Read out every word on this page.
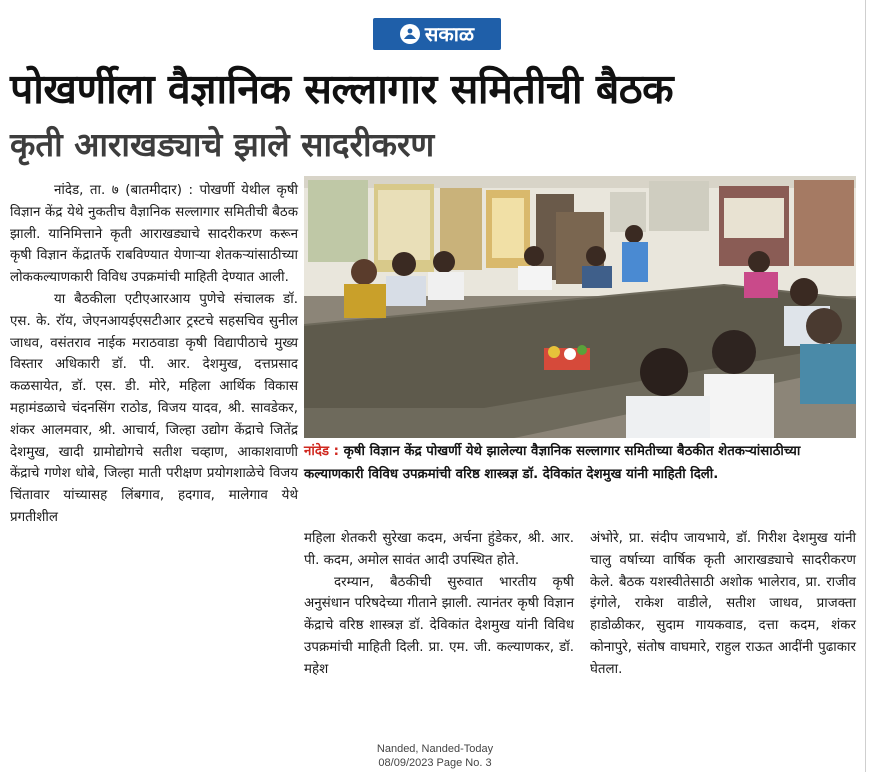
सकाळ
पोखर्णीला वैज्ञानिक सल्लागार समितीची बैठक
कृती आराखड्याचे झाले सादरीकरण

नांदेड, ता. ७ (बातमीदार) : पोखर्णी येथील कृषी विज्ञान केंद्र येथे नुकतीच वैज्ञानिक सल्लागार समितीची बैठक झाली. यानिमित्ताने कृती आराखड्याचे सादरीकरण करून कृषी विज्ञान केंद्रातर्फे राबविण्यात येणाऱ्या शेतकऱ्यांसाठीच्या लोककल्याणकारी विविध उपक्रमांची माहिती देण्यात आली.

या बैठकीला एटीएआरआय पुणेचे संचालक डॉ. एस. के. रॉय, जेएनआयईएसटीआर ट्रस्टचे सहसचिव सुनील जाधव, वसंतराव नाईक मराठवाडा कृषी विद्यापीठाचे मुख्य विस्तार अधिकारी डॉ. पी. आर. देशमुख, दत्तप्रसाद कळसायेत, डॉ. एस. डी. मोरे, महिला आर्थिक विकास महामंडळाचे चंदनसिंग राठोड, विजय यादव, श्री. सावडेकर, शंकर आलमवार, श्री. आचार्य, जिल्हा उद्योग केंद्राचे जितेंद्र देशमुख, खादी ग्रामोद्योगचे सतीश चव्हाण, आकाशवाणी केंद्राचे गणेश धोबे, जिल्हा माती परीक्षण प्रयोगशाळेचे विजय चिंतावार यांच्यासह लिंबगाव, हदगाव, मालेगाव येथे प्रगतीशील

नांदेड : कृषी विज्ञान केंद्र पोखर्णी येथे झालेल्या वैज्ञानिक सल्लागार समितीच्या बैठकीत शेतकऱ्यांसाठीच्या कल्याणकारी विविध उपक्रमांची वरिष्ठ शास्त्रज्ञ डॉ. देविकांत देशमुख यांनी माहिती दिली.

महिला शेतकरी सुरेखा कदम, अर्चना हुंडेकर, श्री. आर. पी. कदम, अमोल सावंत आदी उपस्थित होते.

दरम्यान, बैठकीची सुरुवात भारतीय कृषी अनुसंधान परिषदेच्या गीताने झाली. त्यानंतर कृषी विज्ञान केंद्राचे वरिष्ठ शास्त्रज्ञ डॉ. देविकांत देशमुख यांनी विविध उपक्रमांची माहिती दिली. प्रा. एम. जी. कल्याणकर, डॉ. महेश

अंभोरे, प्रा. संदीप जायभाये, डॉ. गिरीश देशमुख यांनी चालु वर्षाच्या वार्षिक कृती आराखड्याचे सादरीकरण केले. बैठक यशस्वीतेसाठी अशोक भालेराव, प्रा. राजीव इंगोले, राकेश वाडीले, सतीश जाधव, प्राजक्ता हाडोळीकर, सुदाम गायकवाड, दत्ता कदम, शंकर कोनापुरे, संतोष वाघमारे, राहुल राऊत आदींनी पुढाकार घेतला.

Nanded, Nanded-Today
08/09/2023 Page No. 3
